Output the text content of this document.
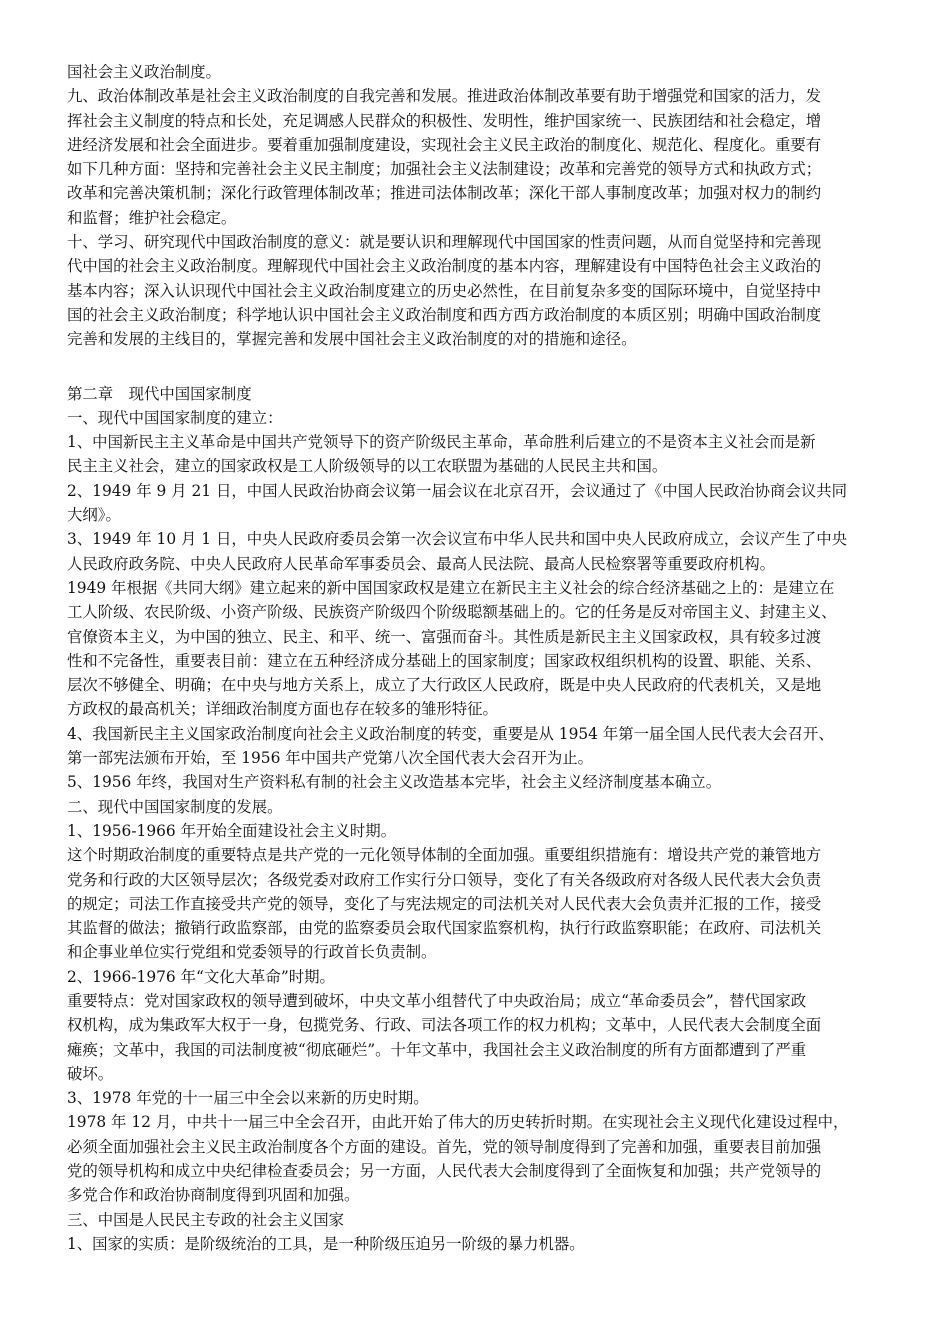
国社会主义政治制度。
九、政治体制改革是社会主义政治制度的自我完善和发展。推进政治体制改革要有助于增强党和国家的活力，发
挥社会主义制度的特点和长处，充足调感人民群众的积极性、发明性，维护国家统一、民族团结和社会稳定，增
进经济发展和社会全面进步。要着重加强制度建设，实现社会主义民主政治的制度化、规范化、程度化。重要有
如下几种方面：坚持和完善社会主义民主制度；加强社会主义法制建设；改革和完善党的领导方式和执政方式；
改革和完善决策机制；深化行政管理体制改革；推进司法体制改革；深化干部人事制度改革；加强对权力的制约
和监督；维护社会稳定。
十、学习、研究现代中国政治制度的意义：就是要认识和理解现代中国国家的性责问题，从而自觉坚持和完善现
代中国的社会主义政治制度。理解现代中国社会主义政治制度的基本内容，理解建设有中国特色社会主义政治的
基本内容；深入认识现代中国社会主义政治制度建立的历史必然性，在目前复杂多变的国际环境中，自觉坚持中
国的社会主义政治制度；科学地认识中国社会主义政治制度和西方西方政治制度的本质区别；明确中国政治制度
完善和发展的主线目的，掌握完善和发展中国社会主义政治制度的对的措施和途径。
第二章　现代中国国家制度
一、现代中国国家制度的建立：
1、中国新民主主义革命是中国共产党领导下的资产阶级民主革命，革命胜利后建立的不是资本主义社会而是新
民主主义社会，建立的国家政权是工人阶级领导的以工农联盟为基础的人民民主共和国。
2、1949 年 9 月 21 日，中国人民政治协商会议第一届会议在北京召开，会议通过了《中国人民政治协商会议共同
大纲》。
3、1949 年 10 月 1 日，中央人民政府委员会第一次会议宣布中华人民共和国中央人民政府成立，会议产生了中央
人民政府政务院、中央人民政府人民革命军事委员会、最高人民法院、最高人民检察署等重要政府机构。
1949 年根据《共同大纲》建立起来的新中国国家政权是建立在新民主主义社会的综合经济基础之上的：是建立在
工人阶级、农民阶级、小资产阶级、民族资产阶级四个阶级聪额基础上的。它的任务是反对帝国主义、封建主义、
官僚资本主义，为中国的独立、民主、和平、统一、富强而奋斗。其性质是新民主主义国家政权，具有较多过渡
性和不完备性，重要表目前：建立在五种经济成分基础上的国家制度；国家政权组织机构的设置、职能、关系、
层次不够健全、明确；在中央与地方关系上，成立了大行政区人民政府，既是中央人民政府的代表机关，又是地
方政权的最高机关；详细政治制度方面也存在较多的雏形特征。
4、我国新民主主义国家政治制度向社会主义政治制度的转变，重要是从 1954 年第一届全国人民代表大会召开、
第一部宪法颁布开始，至 1956 年中国共产党第八次全国代表大会召开为止。
5、1956 年终，我国对生产资料私有制的社会主义改造基本完毕，社会主义经济制度基本确立。
二、现代中国国家制度的发展。
1、1956-1966 年开始全面建设社会主义时期。
这个时期政治制度的重要特点是共产党的一元化领导体制的全面加强。重要组织措施有：增设共产党的兼管地方
党务和行政的大区领导层次；各级党委对政府工作实行分口领导，变化了有关各级政府对各级人民代表大会负责
的规定；司法工作直接受共产党的领导，变化了与宪法规定的司法机关对人民代表大会负责并汇报的工作，接受
其监督的做法；撤销行政监察部，由党的监察委员会取代国家监察机构，执行行政监察职能；在政府、司法机关
和企事业单位实行党组和党委领导的行政首长负责制。
2、1966-1976 年“文化大革命”时期。
重要特点：党对国家政权的领导遭到破坏，中央文革小组替代了中央政治局；成立“革命委员会”，替代国家政
权机构，成为集政军大权于一身，包揽党务、行政、司法各项工作的权力机构；文革中，人民代表大会制度全面
瘫痪；文革中，我国的司法制度被“彻底砸烂”。十年文革中，我国社会主义政治制度的所有方面都遭到了严重
破坏。
3、1978 年党的十一届三中全会以来新的历史时期。
1978 年 12 月，中共十一届三中全会召开，由此开始了伟大的历史转折时期。在实现社会主义现代化建设过程中，
必须全面加强社会主义民主政治制度各个方面的建设。首先，党的领导制度得到了完善和加强，重要表目前加强
党的领导机构和成立中央纪律检查委员会；另一方面，人民代表大会制度得到了全面恢复和加强；共产党领导的
多党合作和政治协商制度得到巩固和加强。
三、中国是人民民主专政的社会主义国家
1、国家的实质：是阶级统治的工具，是一种阶级压迫另一阶级的暴力机器。
